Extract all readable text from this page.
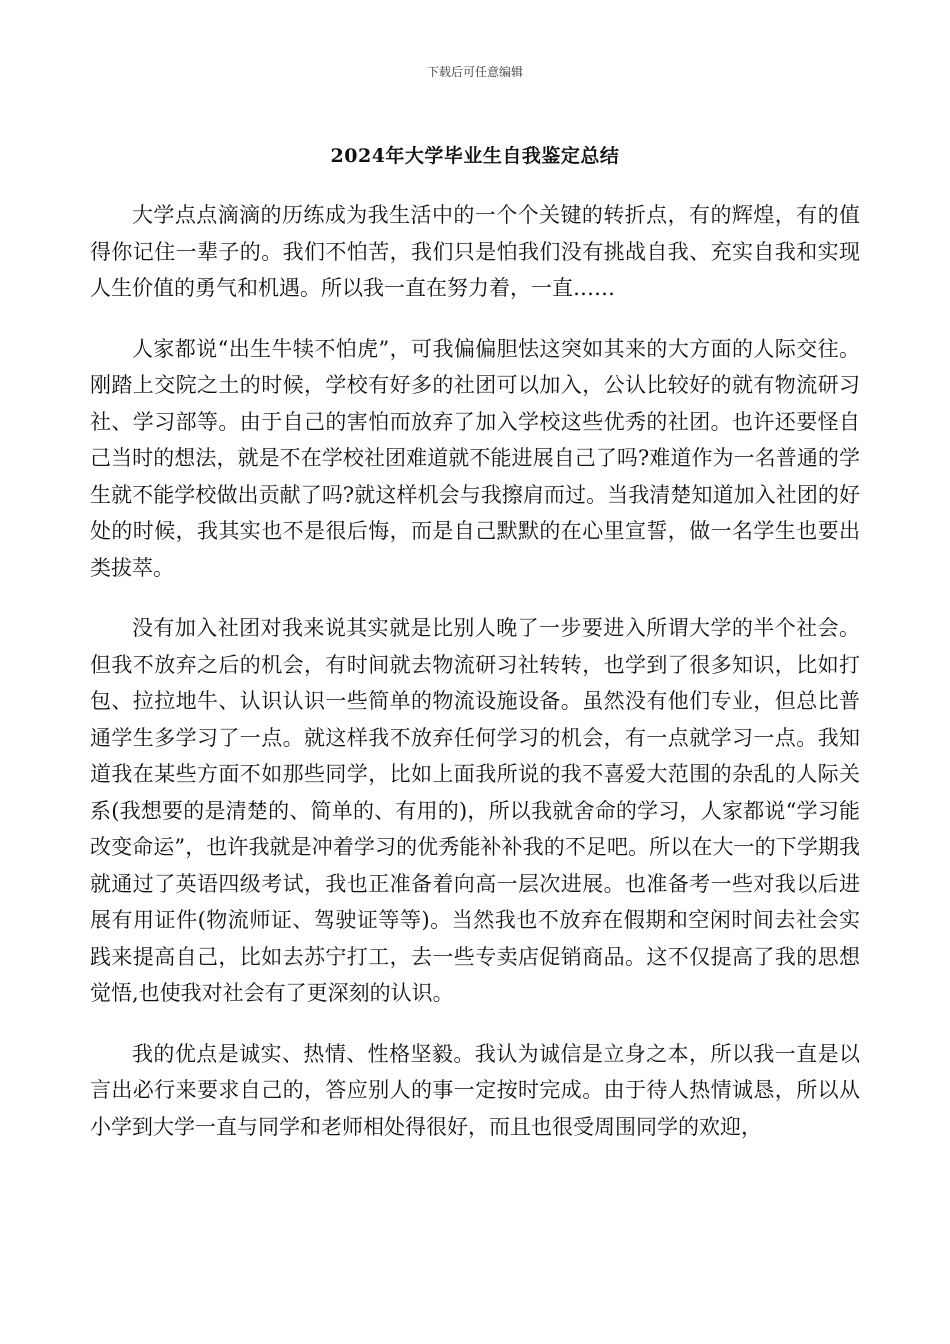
下载后可任意编辑
2024年大学毕业生自我鉴定总结

大学点点滴滴的历练成为我生活中的一个个关键的转折点，有的辉煌，有的值得你记住一辈子的。我们不怕苦，我们只是怕我们没有挑战自我、充实自我和实现人生价值的勇气和机遇。所以我一直在努力着，一直……

人家都说“出生牛犊不怕虎”，可我偏偏胆怯这突如其来的大方面的人际交往。刚踏上交院之土的时候，学校有好多的社团可以加入，公认比较好的就有物流研习社、学习部等。由于自己的害怕而放弃了加入学校这些优秀的社团。也许还要怪自己当时的想法，就是不在学校社团难道就不能进展自己了吗?难道作为一名普通的学生就不能学校做出贡献了吗?就这样机会与我擦肩而过。当我清楚知道加入社团的好处的时候，我其实也不是很后悔，而是自己默默的在心里宣誓，做一名学生也要出类拔萃。

没有加入社团对我来说其实就是比别人晚了一步要进入所谓大学的半个社会。但我不放弃之后的机会，有时间就去物流研习社转转，也学到了很多知识，比如打包、拉拉地牛、认识认识一些简单的物流设施设备。虽然没有他们专业，但总比普通学生多学习了一点。就这样我不放弃任何学习的机会，有一点就学习一点。我知道我在某些方面不如那些同学，比如上面我所说的我不喜爱大范围的杂乱的人际关系(我想要的是清楚的、简单的、有用的)，所以我就舍命的学习，人家都说“学习能改变命运”，也许我就是冲着学习的优秀能补补我的不足吧。所以在大一的下学期我就通过了英语四级考试，我也正准备着向高一层次进展。也准备考一些对我以后进展有用证件(物流师证、驾驶证等等)。当然我也不放弃在假期和空闲时间去社会实践来提高自己，比如去苏宁打工，去一些专卖店促销商品。这不仅提高了我的思想觉悟,也使我对社会有了更深刻的认识。

我的优点是诚实、热情、性格坚毅。我认为诚信是立身之本，所以我一直是以言出必行来要求自己的，答应别人的事一定按时完成。由于待人热情诚恳，所以从小学到大学一直与同学和老师相处得很好，而且也很受周围同学的欢迎，
